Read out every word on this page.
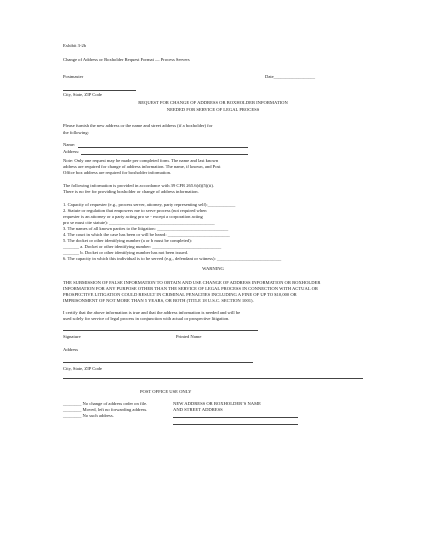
Exhibit 3-2b
Change of Address or Boxholder Request Format — Process Servers
Postmaster	Date__________________
City, State, ZIP Code
REQUEST FOR CHANGE OF ADDRESS OR BOXHOLDER INFORMATION
NEEDED FOR SERVICE OF LEGAL PROCESS
Please furnish the new address or the name and street address (if a boxholder) for
the following:
Name:
Address:
Note: Only one request may be made per completed form. The name and last known
address are required for change of address information. The name, if known, and Post
Office box address are required for boxholder information.
The following information is provided in accordance with 39 CFR 265.6(d)(5)(ii).
There is no fee for providing boxholder or change of address information.
1. Capacity of requester (e.g., process server, attorney, party representing self):____________
2. Statute or regulation that empowers me to serve process (not required when
requester is an attorney or a party acting pro se - except a corporation acting
pro se must cite statute): ______________________________________________
3. The names of all known parties to the litigation: _______________________________
4. The court in which the case has been or will be heard: ___________________________
5. The docket or other identifying number (a or b must be completed):
_______ a. Docket or other identifying number: ______________________________
_______ b. Docket or other identifying number has not been issued.
6. The capacity in which this individual is to be served (e.g., defendant or witness): ____________________________
WARNING
THE SUBMISSION OF FALSE INFORMATION TO OBTAIN AND USE CHANGE OF ADDRESS INFORMATION OR BOXHOLDER
INFORMATION FOR ANY PURPOSE OTHER THAN THE SERVICE OF LEGAL PROCESS IN CONNECTION WITH ACTUAL OR
PROSPECTIVE LITIGATION COULD RESULT IN CRIMINAL PENALTIES INCLUDING A FINE OF UP TO $10,000 OR
IMPRISONMENT OF NOT MORE THAN 5 YEARS, OR BOTH (TITLE 18 U.S.C. SECTION 1001).
I certify that the above information is true and that the address information is needed and will be
used solely for service of legal process in conjunction with actual or prospective litigation.
Signature	Printed Name
Address
City, State, ZIP Code
POST OFFICE USE ONLY
________ No change of address order on file.
________ Moved, left no forwarding address.
________ No such address.
NEW ADDRESS OR BOXHOLDER’S NAME
AND STREET ADDRESS
